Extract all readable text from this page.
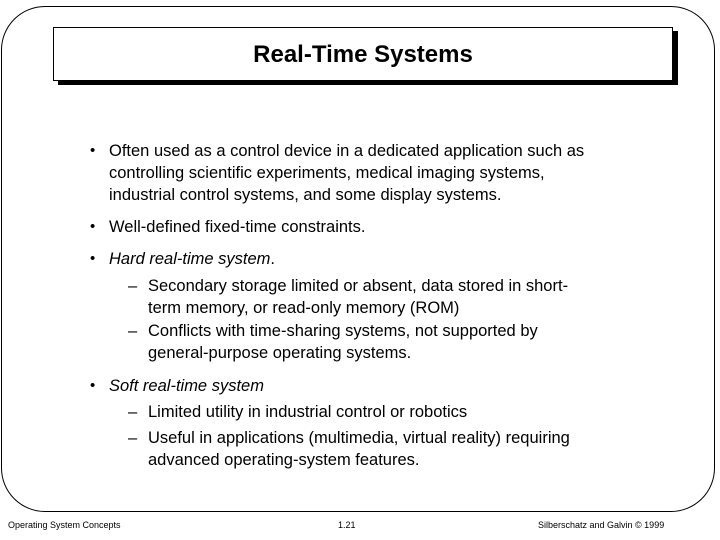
Real-Time Systems
• Often used as a control device in a dedicated application such as
controlling scientific experiments, medical imaging systems,
industrial control systems, and some display systems.
• Well-defined fixed-time constraints.
• Hard real-time system.
– Secondary storage limited or absent, data stored in short-
term memory, or read-only memory (ROM)
– Conflicts with time-sharing systems, not supported by
general-purpose operating systems.
• Soft real-time system
– Limited utility in industrial control or robotics
– Useful in applications (multimedia, virtual reality) requiring
advanced operating-system features.
Operating System Concepts	1.21	Silberschatz and Galvin © 1999
